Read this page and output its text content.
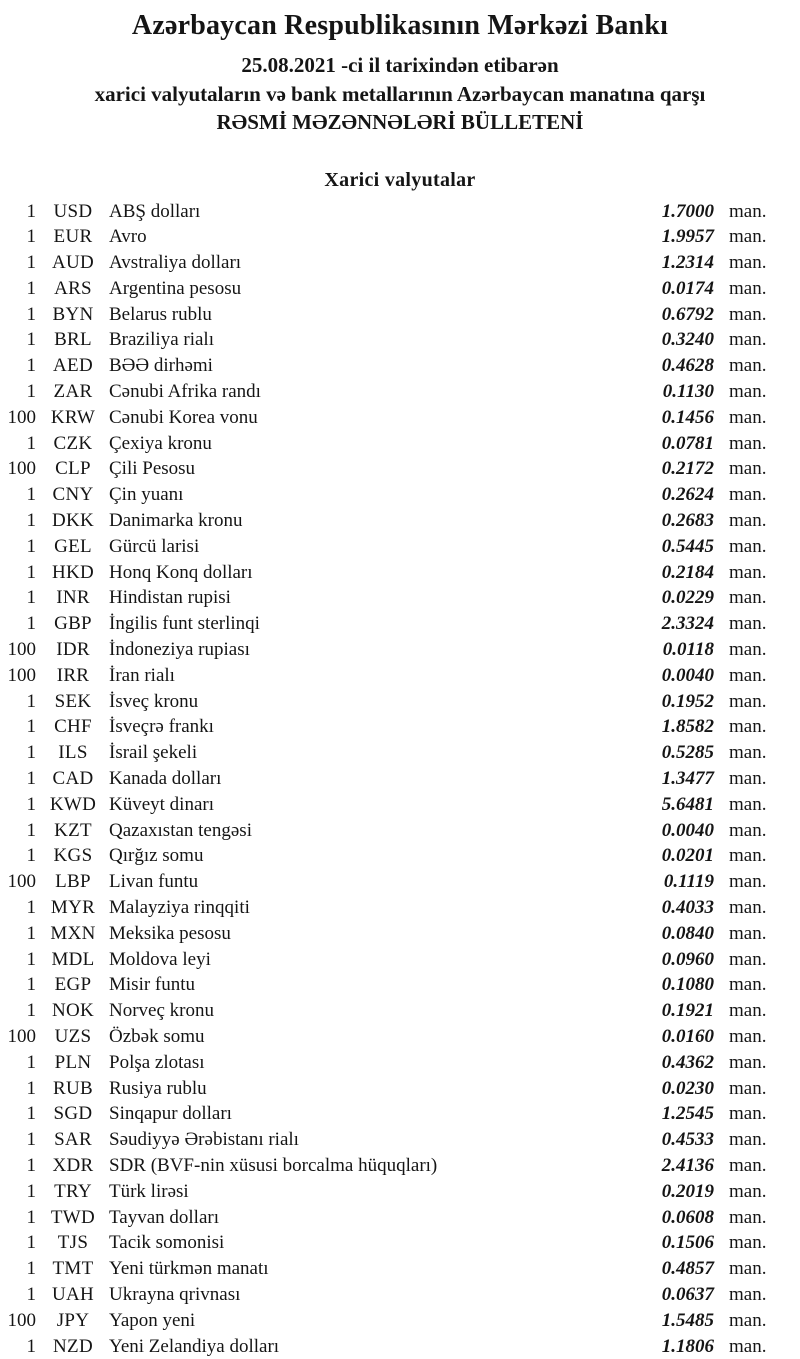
Azərbaycan Respublikasının Mərkəzi Bankı
25.08.2021 -ci il tarixindən etibarən
xarici valyutaların və bank metallarının Azərbaycan manatına qarşı
RƏSMİ MƏZƏNNƏLƏRİ BÜLLETENİ
Xarici valyutalar
1 USD ABŞ dolları	1.7000 man.
1 EUR Avro	1.9957 man.
1 AUD Avstraliya dolları	1.2314 man.
1 ARS Argentina pesosu	0.0174 man.
1 BYN Belarus rublu	0.6792 man.
1 BRL Braziliya rialı	0.3240 man.
1 AED BƏƏ dirhəmi	0.4628 man.
1 ZAR Cənubi Afrika randı	0.1130 man.
100 KRW Cənubi Korea vonu	0.1456 man.
1 CZK Çexiya kronu	0.0781 man.
100	CLP Çili Pesosu	0.2172 man.
1 CNY Çin yuanı	0.2624 man.
1 DKK Danimarka kronu	0.2683 man.
1 GEL Gürcü larisi	0.5445 man.
1 HKD Honq Konq dolları	0.2184 man.
1	INR	Hindistan rupisi	0.0229 man.
1 GBP İngilis funt sterlinqi	2.3324 man.
100	IDR	İndoneziya rupiası	0.0118 man.
100	IRR	İran rialı	0.0040 man.
1 SEK İsveç kronu	0.1952 man.
1 CHF İsveçrə frankı	1.8582 man.
1	ILS	İsrail şekeli	0.5285 man.
1 CAD Kanada dolları	1.3477 man.
1 KWD Küveyt dinarı	5.6481 man.
1 KZT Qazaxıstan tengəsi	0.0040 man.
1 KGS Qırğız somu	0.0201 man.
100	LBP Livan funtu	0.1119 man.
1 MYR Malayziya rinqqiti	0.4033 man.
1 MXN Meksika pesosu	0.0840 man.
1 MDL Moldova leyi	0.0960 man.
1 EGP Misir funtu	0.1080 man.
1 NOK Norveç kronu	0.1921 man.
100 UZS Özbək somu	0.0160 man.
1 PLN Polşa zlotası	0.4362 man.
1 RUB Rusiya rublu	0.0230 man.
1 SGD Sinqapur dolları	1.2545 man.
1 SAR Səudiyyə Ərəbistanı rialı	0.4533 man.
1 XDR SDR (BVF-nin xüsusi borcalma hüquqları)	2.4136 man.
1 TRY Türk lirəsi	0.2019 man.
1 TWD Tayvan dolları	0.0608 man.
1	TJS	Tacik somonisi	0.1506 man.
1 TMT Yeni türkmən manatı	0.4857 man.
1 UAH Ukrayna qrivnası	0.0637 man.
100	JPY	Yapon yeni	1.5485 man.
1 NZD Yeni Zelandiya dolları	1.1806 man.
